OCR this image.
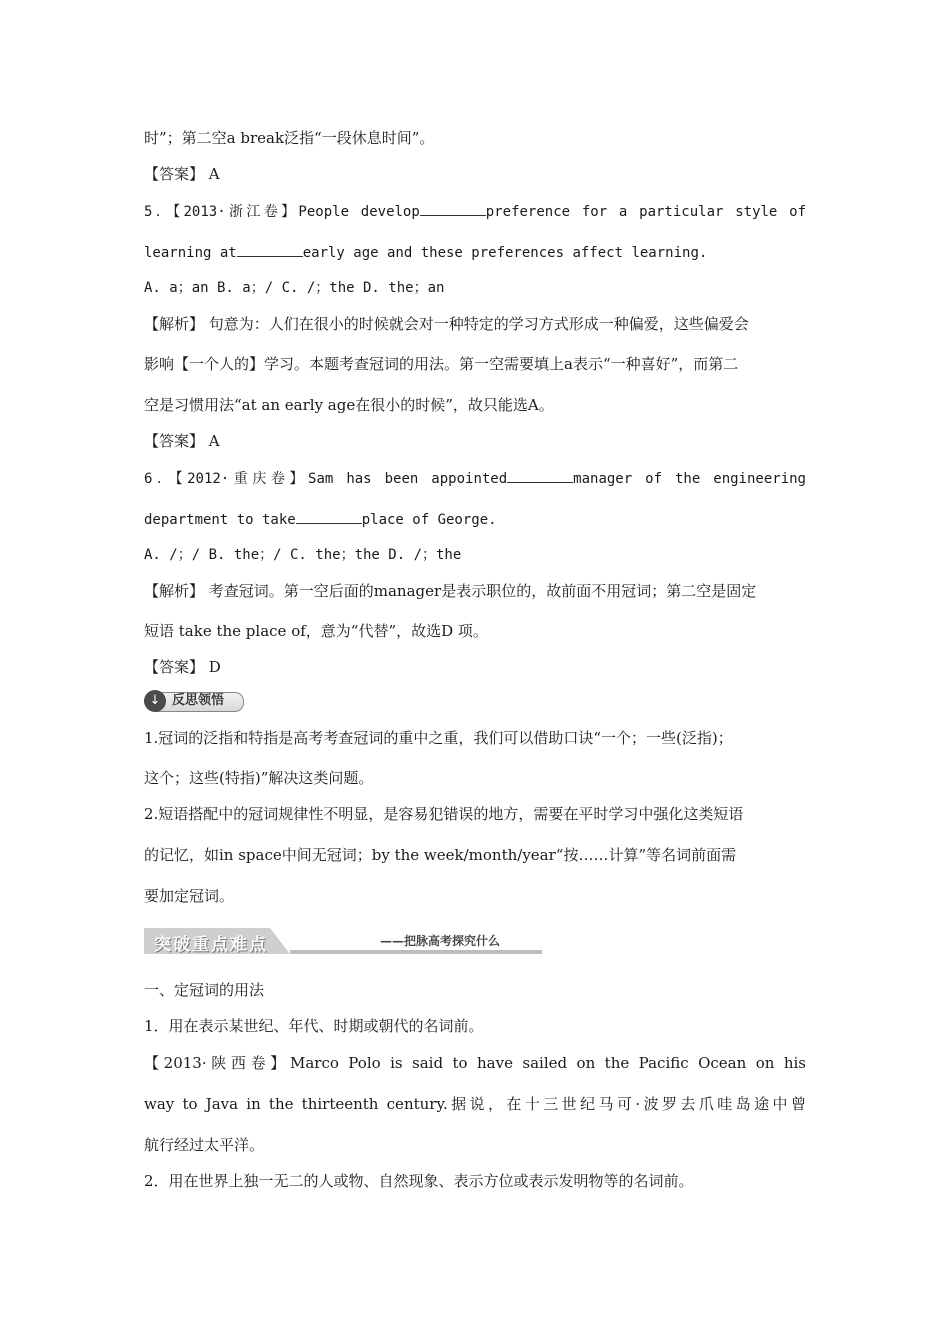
时”；第二空a break泛指“一段休息时间”。
【答案】 A
5．【2013·浙江卷】People develop	preference for a particular style of
learning at	early age and these preferences affect learning.
A. a；an B. a；/ C. /；the D. the；an
【解析】 句意为：人们在很小的时候就会对一种特定的学习方式形成一种偏爱，这些偏爱会
影响【一个人的】学习。本题考查冠词的用法。第一空需要填上a表示“一种喜好”，而第二
空是习惯用法“at an early age在很小的时候”，故只能选A。
【答案】 A
6．【2012·重庆卷】Sam has been appointed	manager of the engineering
department to take	place of George.
A. /；/ B. the；/ C. the；the D. /；the
【解析】 考查冠词。第一空后面的manager是表示职位的，故前面不用冠词；第二空是固定
短语 take the place of，意为“代替”，故选D 项。
【答案】 D
↓ 反思领悟
1.冠词的泛指和特指是高考考查冠词的重中之重，我们可以借助口诀“一个；一些(泛指)；
这个；这些(特指)”解决这类问题。
2.短语搭配中的冠词规律性不明显，是容易犯错误的地方，需要在平时学习中强化这类短语
的记忆，如in space中间无冠词；by the week/month/year“按……计算”等名词前面需
要加定冠词。
突破重点难点	——把脉高考探究什么
一、定冠词的用法
1．用在表示某世纪、年代、时期或朝代的名词前。
【2013·陕西卷】Marco Polo is said to have sailed on the Pacific Ocean on his
way to Java in the thirteenth century.据说，在十三世纪马可·波罗去爪哇岛途中曾
航行经过太平洋。
2．用在世界上独一无二的人或物、自然现象、表示方位或表示发明物等的名词前。
